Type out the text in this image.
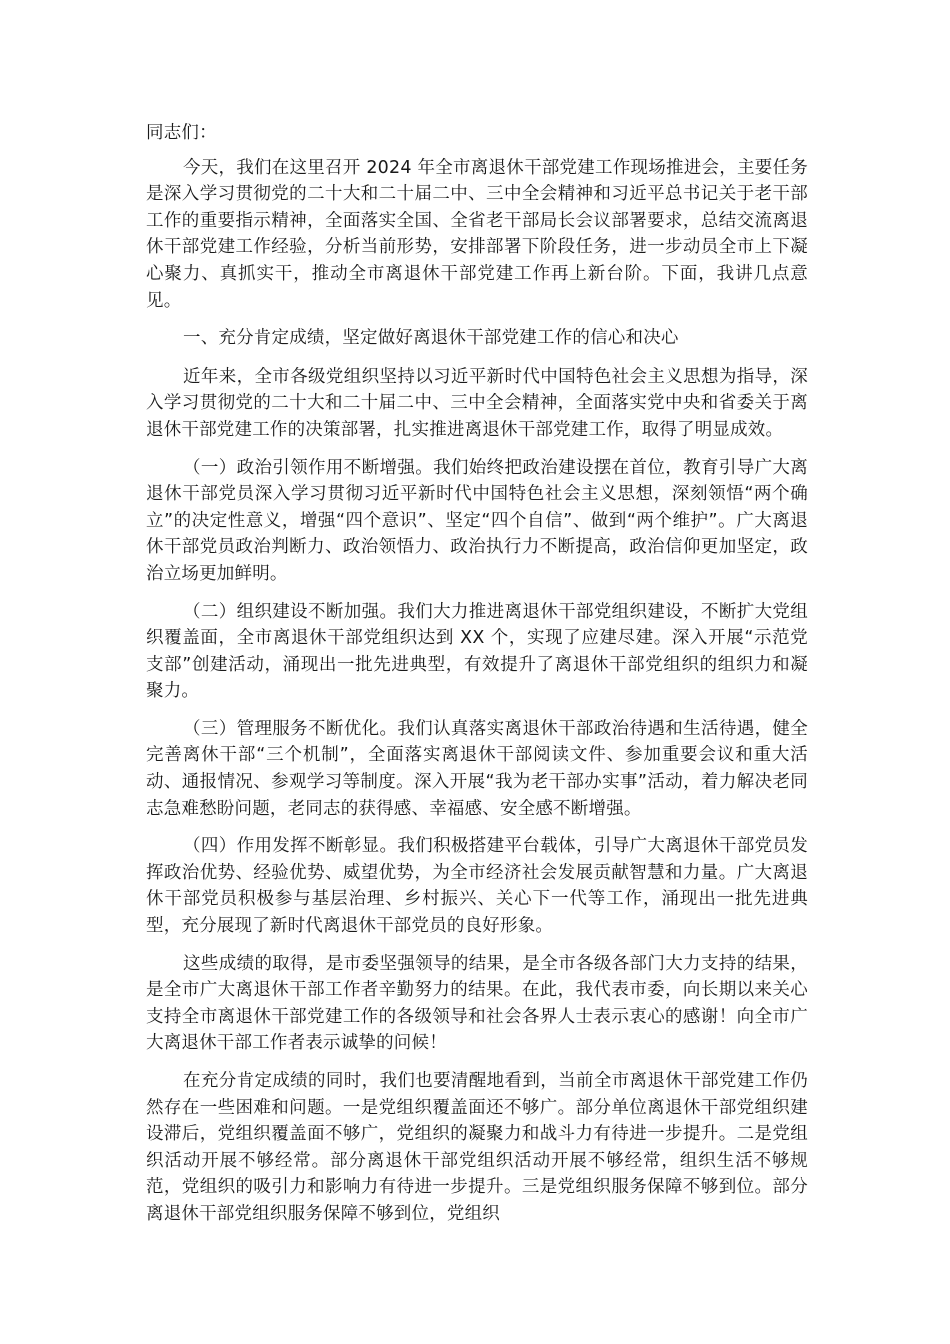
同志们：

今天，我们在这里召开 2024 年全市离退休干部党建工作现场推进会，主要任务是深入学习贯彻党的二十大和二十届二中、三中全会精神和习近平总书记关于老干部工作的重要指示精神，全面落实全国、全省老干部局长会议部署要求，总结交流离退休干部党建工作经验，分析当前形势，安排部署下阶段任务，进一步动员全市上下凝心聚力、真抓实干，推动全市离退休干部党建工作再上新台阶。下面，我讲几点意见。

一、充分肯定成绩，坚定做好离退休干部党建工作的信心和决心

近年来，全市各级党组织坚持以习近平新时代中国特色社会主义思想为指导，深入学习贯彻党的二十大和二十届二中、三中全会精神，全面落实党中央和省委关于离退休干部党建工作的决策部署，扎实推进离退休干部党建工作，取得了明显成效。

（一）政治引领作用不断增强。我们始终把政治建设摆在首位，教育引导广大离退休干部党员深入学习贯彻习近平新时代中国特色社会主义思想，深刻领悟“两个确立”的决定性意义，增强“四个意识”、坚定“四个自信”、做到“两个维护”。广大离退休干部党员政治判断力、政治领悟力、政治执行力不断提高，政治信仰更加坚定，政治立场更加鲜明。

（二）组织建设不断加强。我们大力推进离退休干部党组织建设，不断扩大党组织覆盖面，全市离退休干部党组织达到 XX 个，实现了应建尽建。深入开展“示范党支部”创建活动，涌现出一批先进典型，有效提升了离退休干部党组织的组织力和凝聚力。

（三）管理服务不断优化。我们认真落实离退休干部政治待遇和生活待遇，健全完善离休干部“三个机制”，全面落实离退休干部阅读文件、参加重要会议和重大活动、通报情况、参观学习等制度。深入开展“我为老干部办实事”活动，着力解决老同志急难愁盼问题，老同志的获得感、幸福感、安全感不断增强。

（四）作用发挥不断彰显。我们积极搭建平台载体，引导广大离退休干部党员发挥政治优势、经验优势、威望优势，为全市经济社会发展贡献智慧和力量。广大离退休干部党员积极参与基层治理、乡村振兴、关心下一代等工作，涌现出一批先进典型，充分展现了新时代离退休干部党员的良好形象。

这些成绩的取得，是市委坚强领导的结果，是全市各级各部门大力支持的结果，是全市广大离退休干部工作者辛勤努力的结果。在此，我代表市委，向长期以来关心支持全市离退休干部党建工作的各级领导和社会各界人士表示衷心的感谢！向全市广大离退休干部工作者表示诚挚的问候！

在充分肯定成绩的同时，我们也要清醒地看到，当前全市离退休干部党建工作仍然存在一些困难和问题。一是党组织覆盖面还不够广。部分单位离退休干部党组织建设滞后，党组织覆盖面不够广，党组织的凝聚力和战斗力有待进一步提升。二是党组织活动开展不够经常。部分离退休干部党组织活动开展不够经常，组织生活不够规范，党组织的吸引力和影响力有待进一步提升。三是党组织服务保障不够到位。部分离退休干部党组织服务保障不够到位，党组织
